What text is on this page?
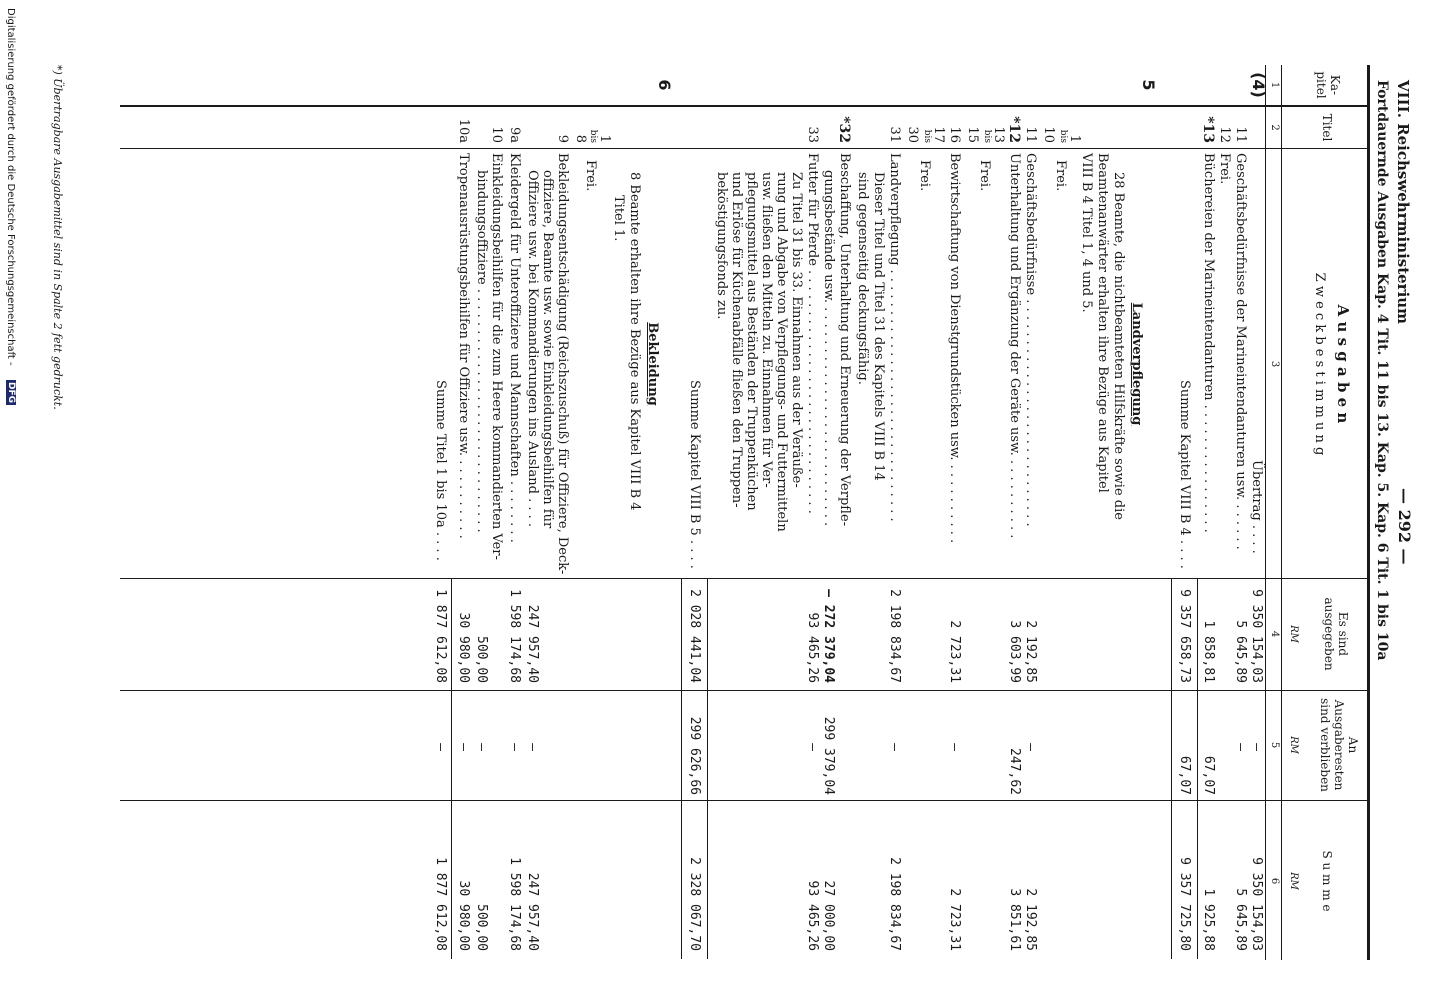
VIII. Reichswehrministerium
— 292 —
Fortdauernde Ausgaben Kap. 4 Tit. 11 bis 13. Kap. 5. Kap. 6 Tit. 1 bis 10a
Ka-
pitel
Titel
A u s g a b e n
Z w e c k b e s t i m m u n g
Es sind
ausgegeben
An
Ausgaberesten
sind verblieben
S u m m e
RM
RM
RM
1
2
3
4
5
6
(4)
Übertrag . . . .
9 350 154,03
—
9 350 154,03
11
Geschäftsbedürfnisse der Marineintendanturen usw. . . . . . .
5 645,89
—
5 645,89
12
Frei.
*13
Büchereien der Marineintendanturen . . . . . . . . . . . . . . . .
1 858,81
67,07
1 925,88
Summe Kapitel VIII B 4 . . . .
9 357 658,73
67,07
9 357 725,80
5
Landverpflegung
28 Beamte, die nichtbeamteten Hilfskräfte sowie die
Beamtenanwärter erhalten ihre Bezüge aus Kapitel
VIII B 4 Titel 1, 4 und 5.
1
bis
10
Frei.
11
Geschäftsbedürfnisse . . . . . . . . . . . . . . . . . . . . . . . . . . . .
2 192,85
—
2 192,85
*12
Unterhaltung und Ergänzung der Geräte usw. . . . . . . . . . .
3 603,99
247,62
3 851,61
13
bis
15
Frei.
16
Bewirtschaftung von Dienstgrundstücken usw. . . . . . . . . . .
2 723,31
—
2 723,31
17
bis
30
Frei.
31
Landverpflegung . . . . . . . . . . . . . . . . . . . . . . . . . . . . . . .
2 198 834,67
—
2 198 834,67
Dieser Titel und Titel 31 des Kapitels VIII B 14
sind gegenseitig deckungsfähig.
*32
Beschaffung, Unterhaltung und Erneuerung der Verpfle-
gungsbestände usw. . . . . . . . . . . . . . . . . . . . . . . . . . . .
— 272 379,04
299 379,04
27 000,00
33
Futter für Pferde . . . . . . . . . . . . . . . . . . . . . . . . . . . . . .
93 465,26
—
93 465,26
Zu Titel 31 bis 33. Einnahmen aus der Veräuße-
rung und Abgabe von Verpflegungs- und Futtermitteln
usw. fließen den Mitteln zu. Einnahmen für Ver-
pflegungsmittel aus Beständen der Truppenküchen
und Erlöse für Küchenabfälle fließen den Truppen-
beköstigungsfonds zu.
Summe Kapitel VIII B 5 . . . .
2 028 441,04
299 626,66
2 328 067,70
6
Bekleidung
8 Beamte erhalten ihre Bezüge aus Kapitel VIII B 4
Titel 1.
1
bis
8
Frei.
9
Bekleidungsentschädigung (Reichszuschuß) für Offiziere, Deck-
offiziere, Beamte usw. sowie Einkleidungsbeihilfen für
Offiziere usw. bei Kommandierungen ins Ausland . . . .
247 957,40
—
247 957,40
9a
Kleidergeld für Unteroffiziere und Mannschaften . . . . . . . .
1 598 174,68
—
1 598 174,68
10
Einkleidungsbeihilfen für die zum Heere kommandierten Ver-
bindungsoffiziere . . . . . . . . . . . . . . . . . . . . . . . . . . . . . .
500,00
—
500,00
10a
Tropenausrüstungsbeihilfen für Offiziere usw. . . . . . . . . . .
30 980,00
—
30 980,00
Summe Titel 1 bis 10a . . . .
1 877 612,08
—
1 877 612,08
*) Übertragbare Ausgabemittel sind in Spalte 2 fett gedruckt.
Digitalisierung gefördert durch die Deutsche Forschungsgemeinschaft -
DFG
